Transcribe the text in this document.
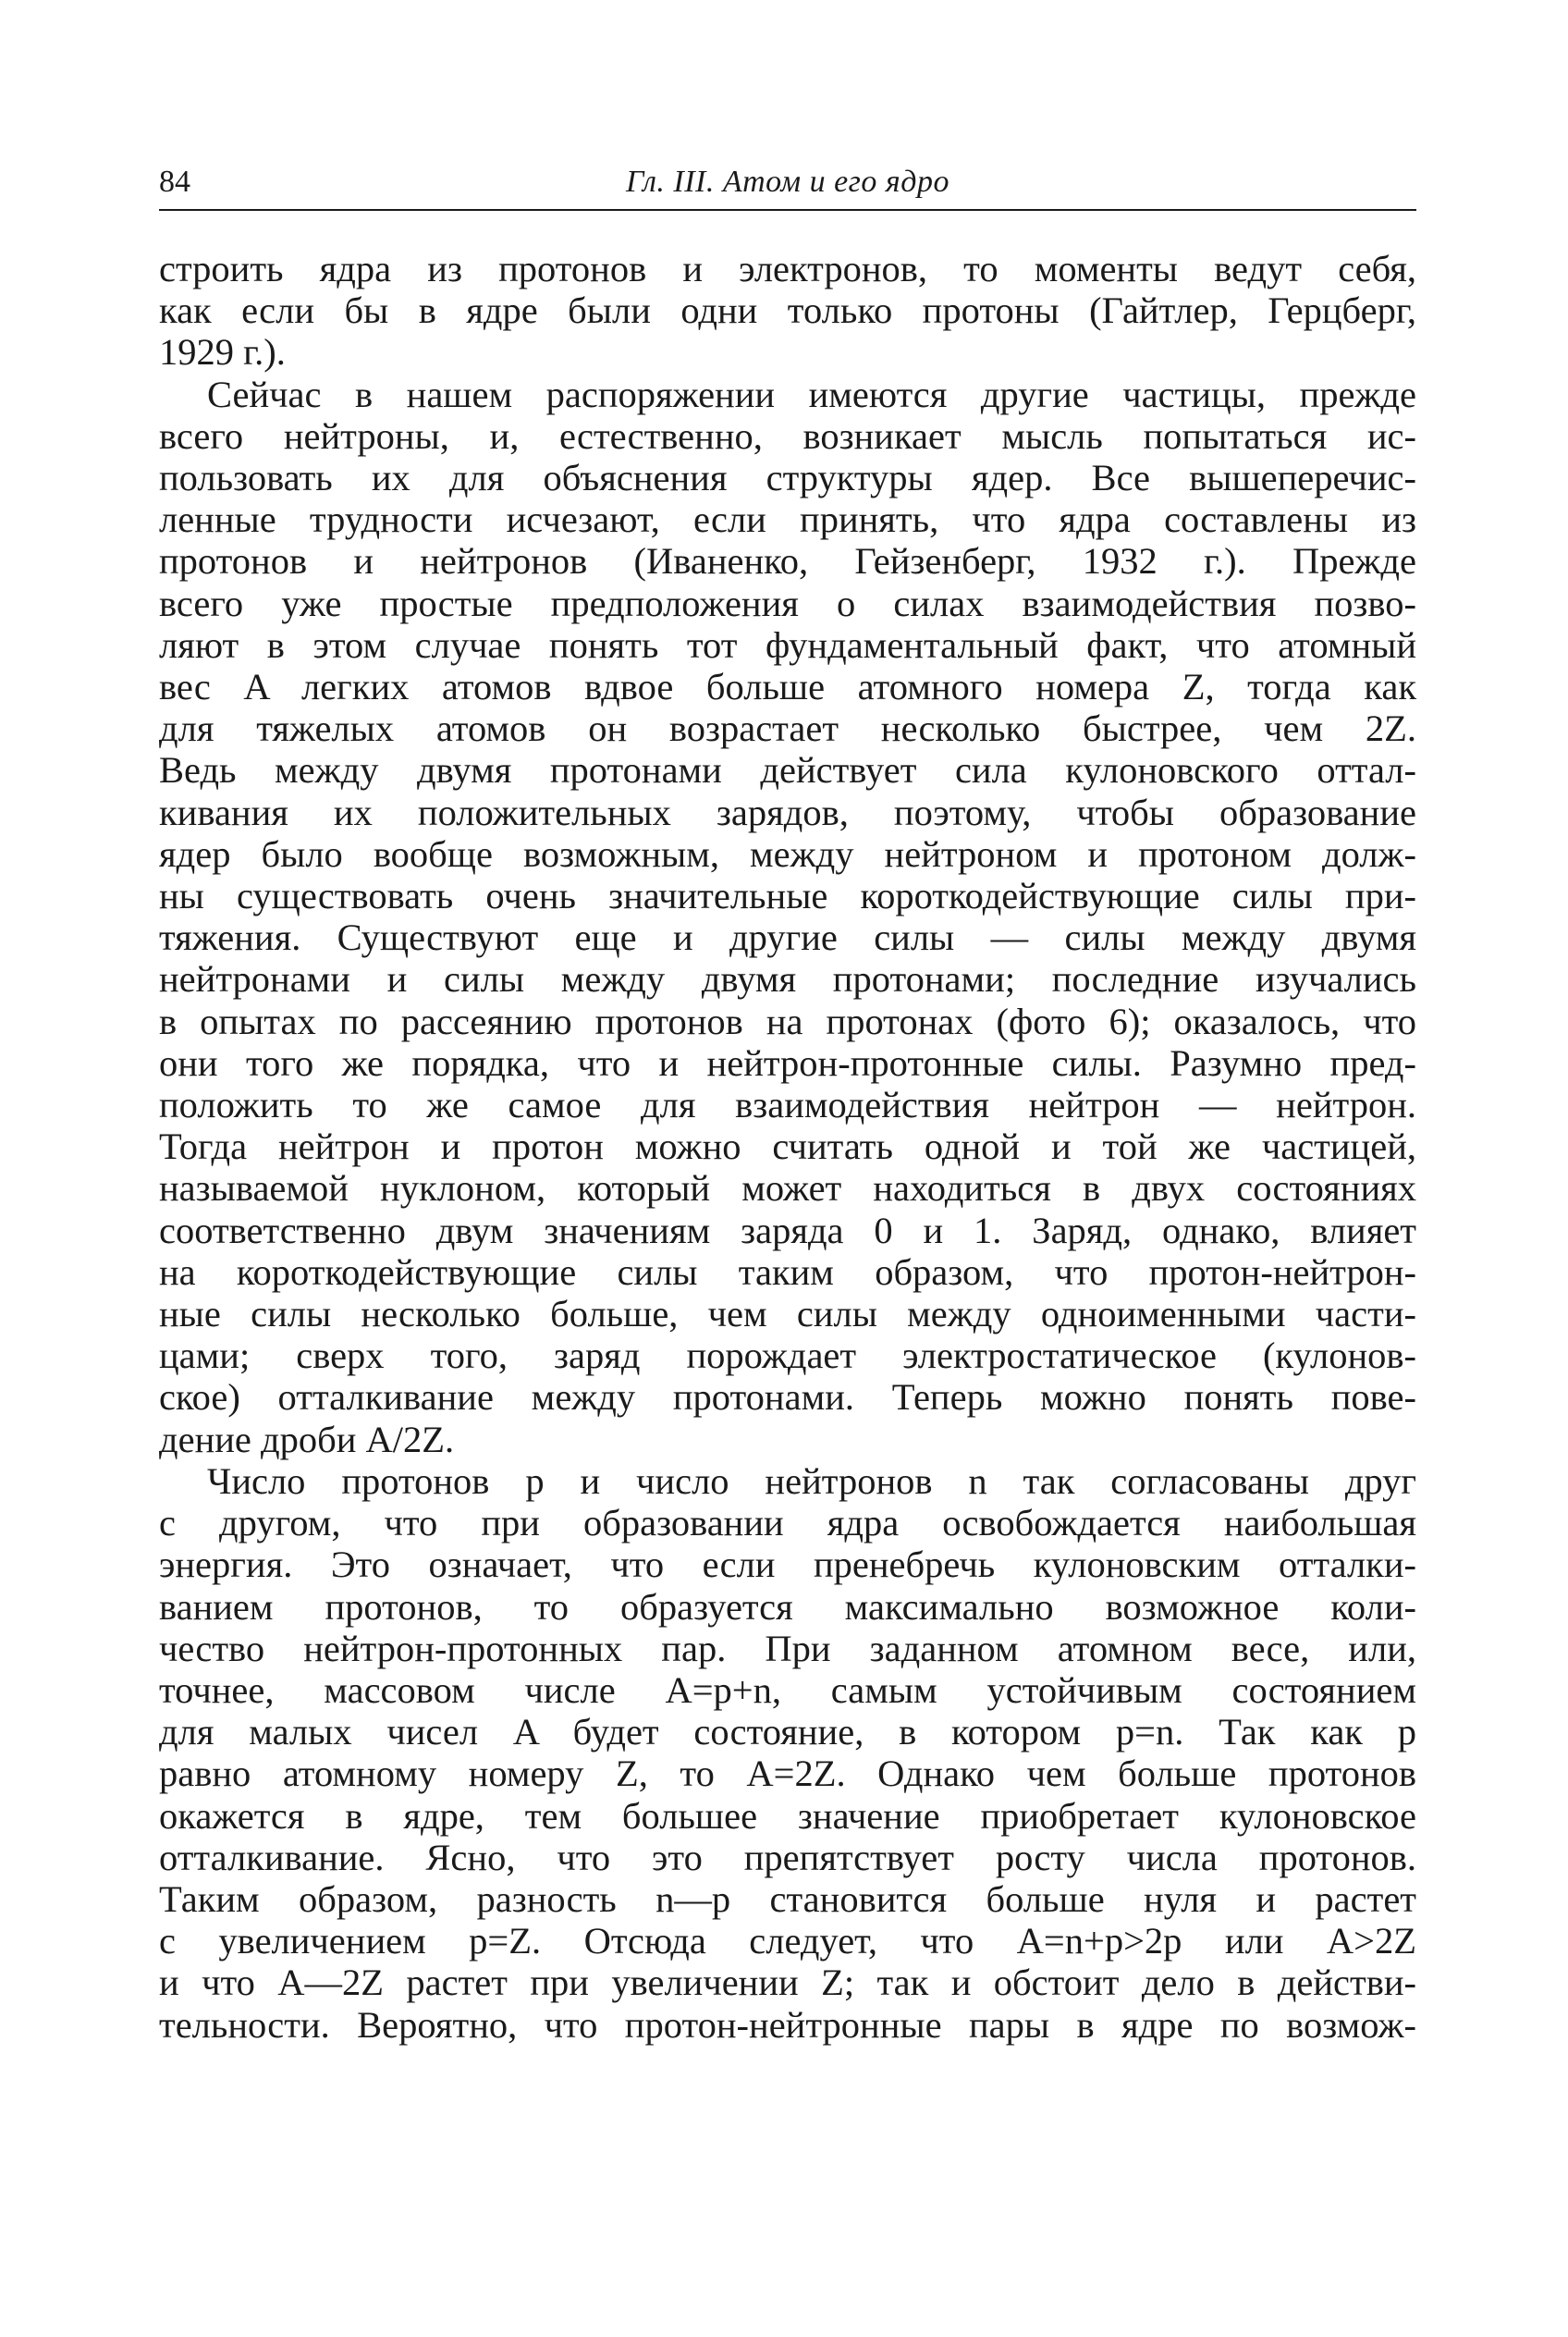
84	Гл. III. Атом и его ядро

строить ядра из протонов и электронов, то моменты ведут себя,
как если бы в ядре были одни только протоны (Гайтлер, Герцберг,
1929 г.).

Сейчас в нашем распоряжении имеются другие частицы, прежде
всего нейтроны, и, естественно, возникает мысль попытаться ис-
пользовать их для объяснения структуры ядер. Все вышеперечис-
ленные трудности исчезают, если принять, что ядра составлены из
протонов и нейтронов (Иваненко, Гейзенберг, 1932 г.). Прежде
всего уже простые предположения о силах взаимодействия позво-
ляют в этом случае понять тот фундаментальный факт, что атомный
вес A легких атомов вдвое больше атомного номера Z, тогда как
для тяжелых атомов он возрастает несколько быстрее, чем 2Z.
Ведь между двумя протонами действует сила кулоновского оттал-
кивания их положительных зарядов, поэтому, чтобы образование
ядер было вообще возможным, между нейтроном и протоном долж-
ны существовать очень значительные короткодействующие силы при-
тяжения. Существуют еще и другие силы — силы между двумя
нейтронами и силы между двумя протонами; последние изучались
в опытах по рассеянию протонов на протонах (фото 6); оказалось, что
они того же порядка, что и нейтрон-протонные силы. Разумно пред-
положить то же самое для взаимодействия нейтрон — нейтрон.
Тогда нейтрон и протон можно считать одной и той же частицей,
называемой нуклоном, который может находиться в двух состояниях
соответственно двум значениям заряда 0 и 1. Заряд, однако, влияет
на короткодействующие силы таким образом, что протон-нейтрон-
ные силы несколько больше, чем силы между одноименными части-
цами; сверх того, заряд порождает электростатическое (кулонов-
ское) отталкивание между протонами. Теперь можно понять пове-
дение дроби A/2Z.

Число протонов p и число нейтронов n так согласованы друг
с другом, что при образовании ядра освобождается наибольшая
энергия. Это означает, что если пренебречь кулоновским отталки-
ванием протонов, то образуется максимально возможное коли-
чество нейтрон-протонных пар. При заданном атомном весе, или,
точнее, массовом числе A=p+n, самым устойчивым состоянием
для малых чисел A будет состояние, в котором p=n. Так как p
равно атомному номеру Z, то A=2Z. Однако чем больше протонов
окажется в ядре, тем большее значение приобретает кулоновское
отталкивание. Ясно, что это препятствует росту числа протонов.
Таким образом, разность n—p становится больше нуля и растет
с увеличением p=Z. Отсюда следует, что A=n+p>2p или A>2Z
и что A—2Z растет при увеличении Z; так и обстоит дело в действи-
тельности. Вероятно, что протон-нейтронные пары в ядре по возмож-
